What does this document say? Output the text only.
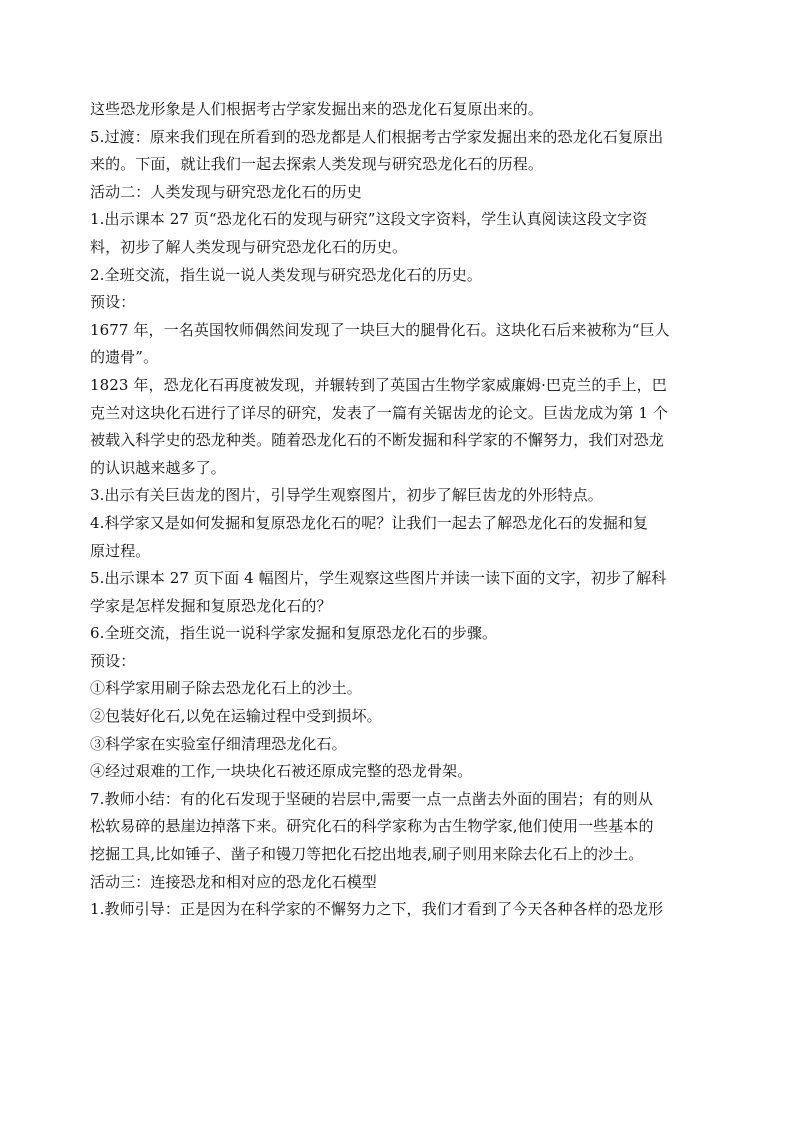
这些恐龙形象是人们根据考古学家发掘出来的恐龙化石复原出来的。
5.过渡：原来我们现在所看到的恐龙都是人们根据考古学家发掘出来的恐龙化石复原出
来的。下面，就让我们一起去探索人类发现与研究恐龙化石的历程。
活动二：人类发现与研究恐龙化石的历史
1.出示课本 27 页“恐龙化石的发现与研究”这段文字资料，学生认真阅读这段文字资
料，初步了解人类发现与研究恐龙化石的历史。
2.全班交流，指生说一说人类发现与研究恐龙化石的历史。
预设：
1677 年，一名英国牧师偶然间发现了一块巨大的腿骨化石。这块化石后来被称为“巨人
的遗骨”。
1823 年，恐龙化石再度被发现，并辗转到了英国古生物学家威廉姆·巴克兰的手上，巴
克兰对这块化石进行了详尽的研究，发表了一篇有关锯齿龙的论文。巨齿龙成为第 1 个
被载入科学史的恐龙种类。随着恐龙化石的不断发掘和科学家的不懈努力，我们对恐龙
的认识越来越多了。
3.出示有关巨齿龙的图片，引导学生观察图片，初步了解巨齿龙的外形特点。
4.科学家又是如何发掘和复原恐龙化石的呢？让我们一起去了解恐龙化石的发掘和复
原过程。
5.出示课本 27 页下面 4 幅图片，学生观察这些图片并读一读下面的文字，初步了解科
学家是怎样发掘和复原恐龙化石的？
6.全班交流，指生说一说科学家发掘和复原恐龙化石的步骤。
预设：
①科学家用刷子除去恐龙化石上的沙土。
②包装好化石,以免在运输过程中受到损坏。
③科学家在实验室仔细清理恐龙化石。
④经过艰难的工作,一块块化石被还原成完整的恐龙骨架。
7.教师小结：有的化石发现于坚硬的岩层中,需要一点一点凿去外面的围岩；有的则从
松软易碎的悬崖边掉落下来。研究化石的科学家称为古生物学家,他们使用一些基本的
挖掘工具,比如锤子、凿子和镘刀等把化石挖出地表,刷子则用来除去化石上的沙土。
活动三：连接恐龙和相对应的恐龙化石模型
1.教师引导：正是因为在科学家的不懈努力之下，我们才看到了今天各种各样的恐龙形
